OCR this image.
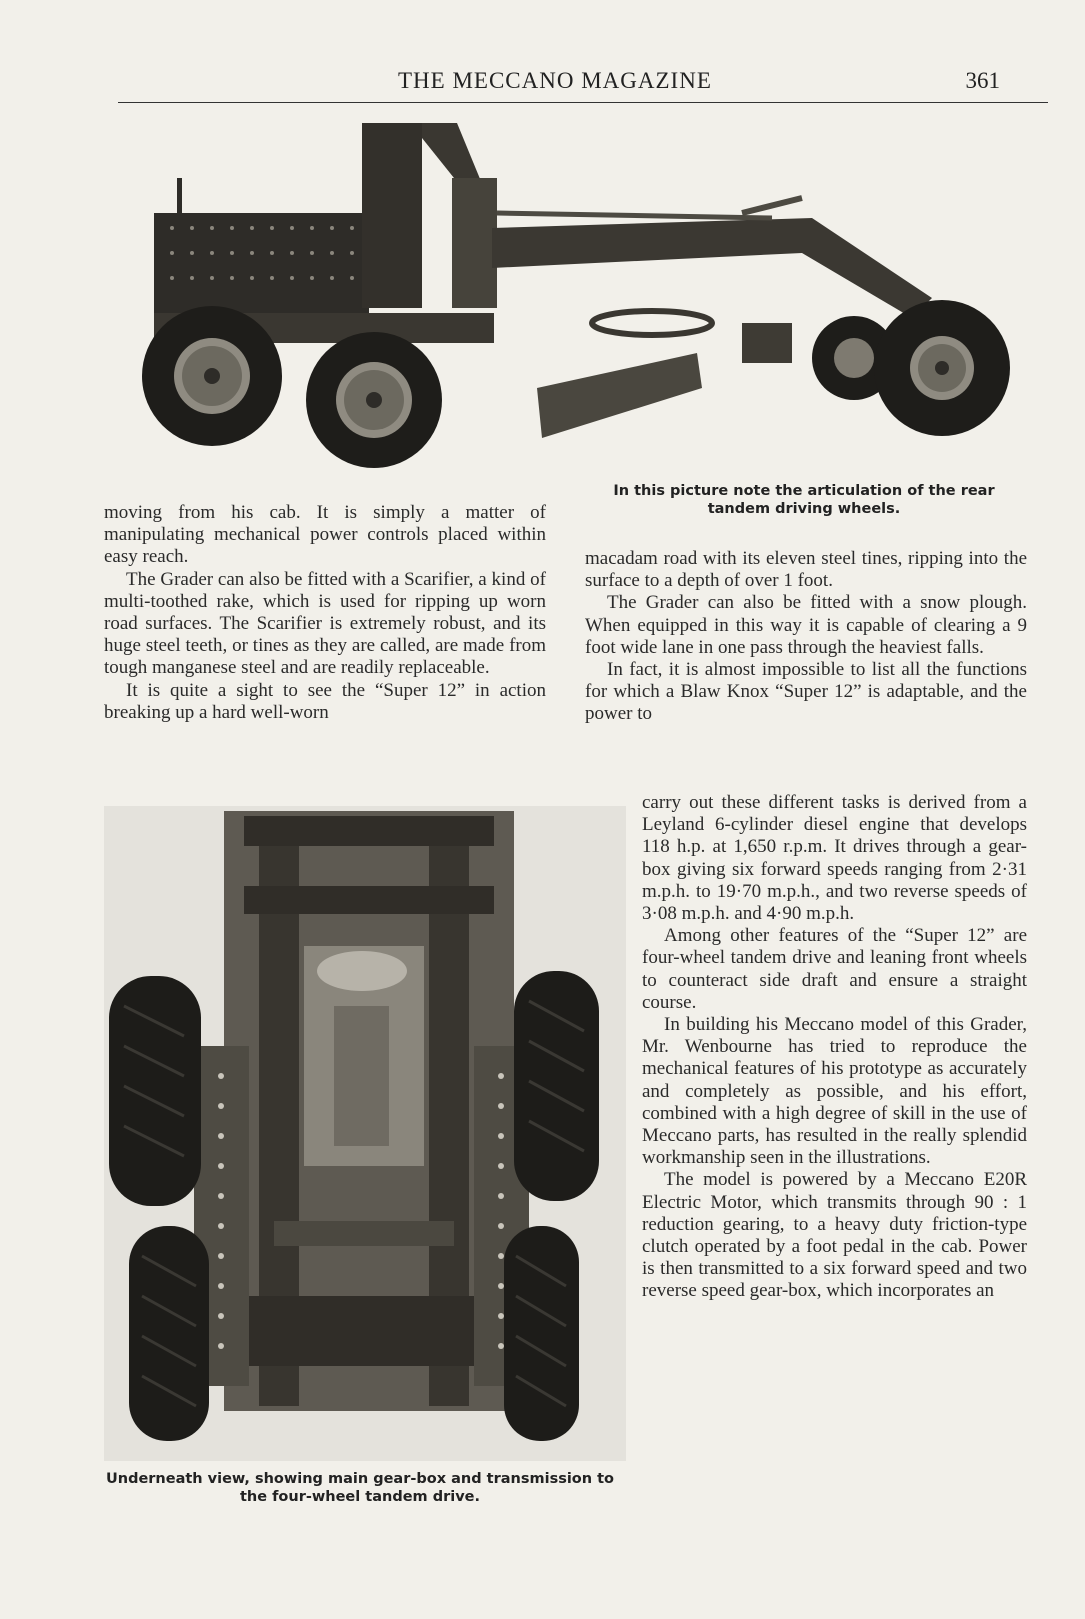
THE MECCANO MAGAZINE	361
In this picture note the articulation of the rear tandem driving wheels.

moving from his cab. It is simply a matter of manipulating mechanical power controls placed within easy reach.

The Grader can also be fitted with a Scarifier, a kind of multi-toothed rake, which is used for ripping up worn road surfaces. The Scarifier is extremely robust, and its huge steel teeth, or tines as they are called, are made from tough manganese steel and are readily replaceable.

It is quite a sight to see the “Super 12” in action breaking up a hard well-worn

macadam road with its eleven steel tines, ripping into the surface to a depth of over 1 foot.

The Grader can also be fitted with a snow plough. When equipped in this way it is capable of clearing a 9 foot wide lane in one pass through the heaviest falls.

In fact, it is almost impossible to list all the functions for which a Blaw Knox “Super 12” is adaptable, and the power to

Underneath view, showing main gear-box and transmission to the four-wheel tandem drive.

carry out these different tasks is derived from a Leyland 6-cylinder diesel engine that develops 118 h.p. at 1,650 r.p.m. It drives through a gear-box giving six forward speeds ranging from 2·31 m.p.h. to 19·70 m.p.h., and two reverse speeds of 3·08 m.p.h. and 4·90 m.p.h.

Among other features of the “Super 12” are four-wheel tandem drive and leaning front wheels to counteract side draft and ensure a straight course.

In building his Meccano model of this Grader, Mr. Wenbourne has tried to reproduce the mechanical features of his prototype as accurately and completely as possible, and his effort, combined with a high degree of skill in the use of Meccano parts, has resulted in the really splendid workmanship seen in the illustrations.

The model is powered by a Meccano E20R Electric Motor, which transmits through 90 : 1 reduction gearing, to a heavy duty friction-type clutch operated by a foot pedal in the cab. Power is then transmitted to a six forward speed and two reverse speed gear-box, which incorporates an
